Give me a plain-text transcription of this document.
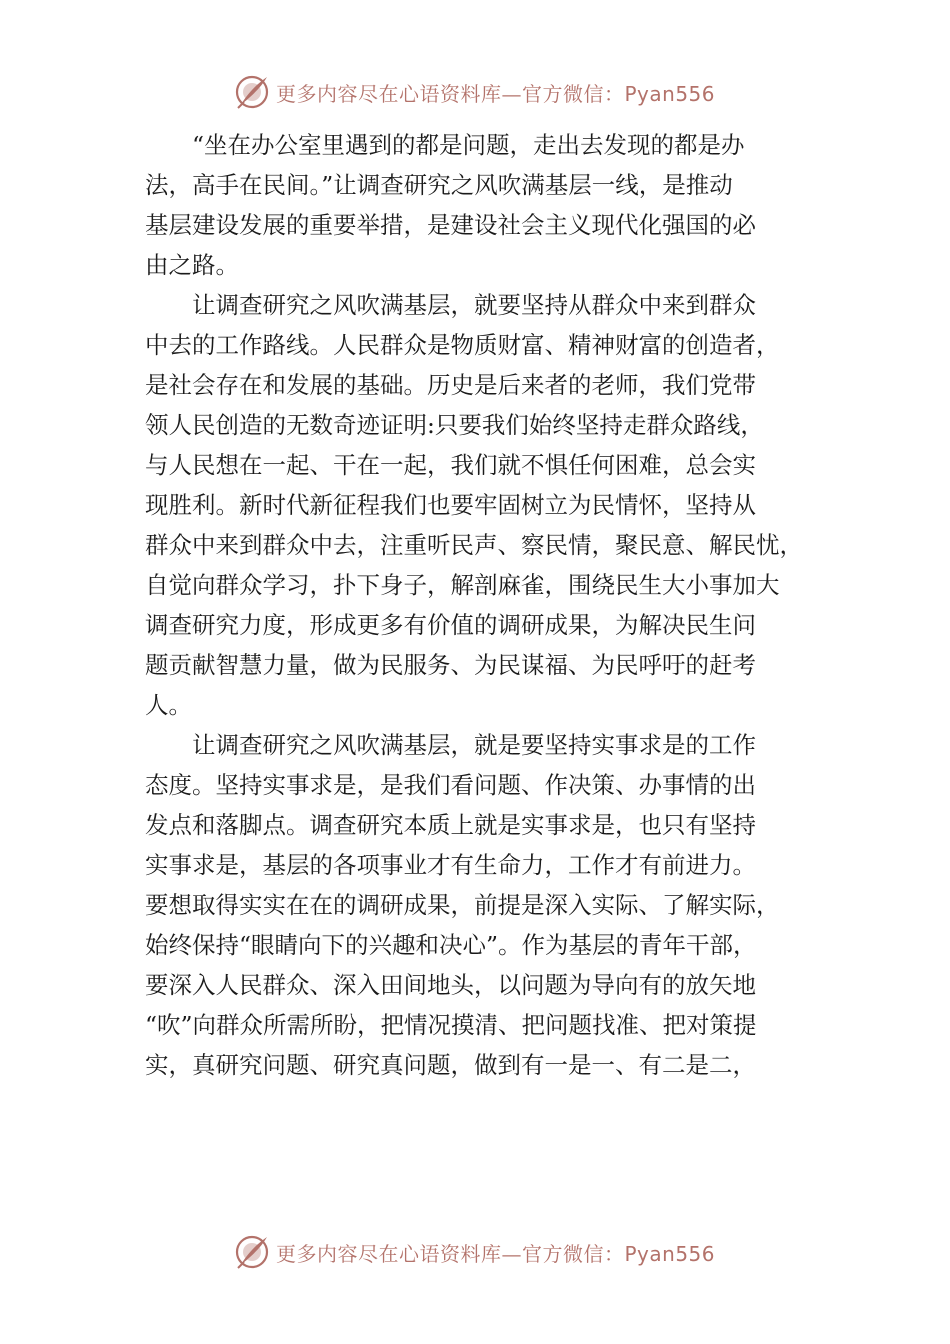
更多内容尽在心语资料库—官方微信：Pyan556
“坐在办公室里遇到的都是问题，走出去发现的都是办
法，高手在民间。”让调查研究之风吹满基层一线，是推动
基层建设发展的重要举措，是建设社会主义现代化强国的必
由之路。
让调查研究之风吹满基层，就要坚持从群众中来到群众
中去的工作路线。人民群众是物质财富、精神财富的创造者，
是社会存在和发展的基础。历史是后来者的老师，我们党带
领人民创造的无数奇迹证明:只要我们始终坚持走群众路线，
与人民想在一起、干在一起，我们就不惧任何困难，总会实
现胜利。新时代新征程我们也要牢固树立为民情怀，坚持从
群众中来到群众中去，注重听民声、察民情，聚民意、解民忧，
自觉向群众学习，扑下身子，解剖麻雀，围绕民生大小事加大
调查研究力度，形成更多有价值的调研成果，为解决民生问
题贡献智慧力量，做为民服务、为民谋福、为民呼吁的赶考
人。
让调查研究之风吹满基层，就是要坚持实事求是的工作
态度。坚持实事求是，是我们看问题、作决策、办事情的出
发点和落脚点。调查研究本质上就是实事求是，也只有坚持
实事求是，基层的各项事业才有生命力，工作才有前进力。
要想取得实实在在的调研成果，前提是深入实际、了解实际，
始终保持“眼睛向下的兴趣和决心”。作为基层的青年干部，
要深入人民群众、深入田间地头，以问题为导向有的放矢地
“吹”向群众所需所盼，把情况摸清、把问题找准、把对策提
实，真研究问题、研究真问题，做到有一是一、有二是二，
更多内容尽在心语资料库—官方微信：Pyan556
